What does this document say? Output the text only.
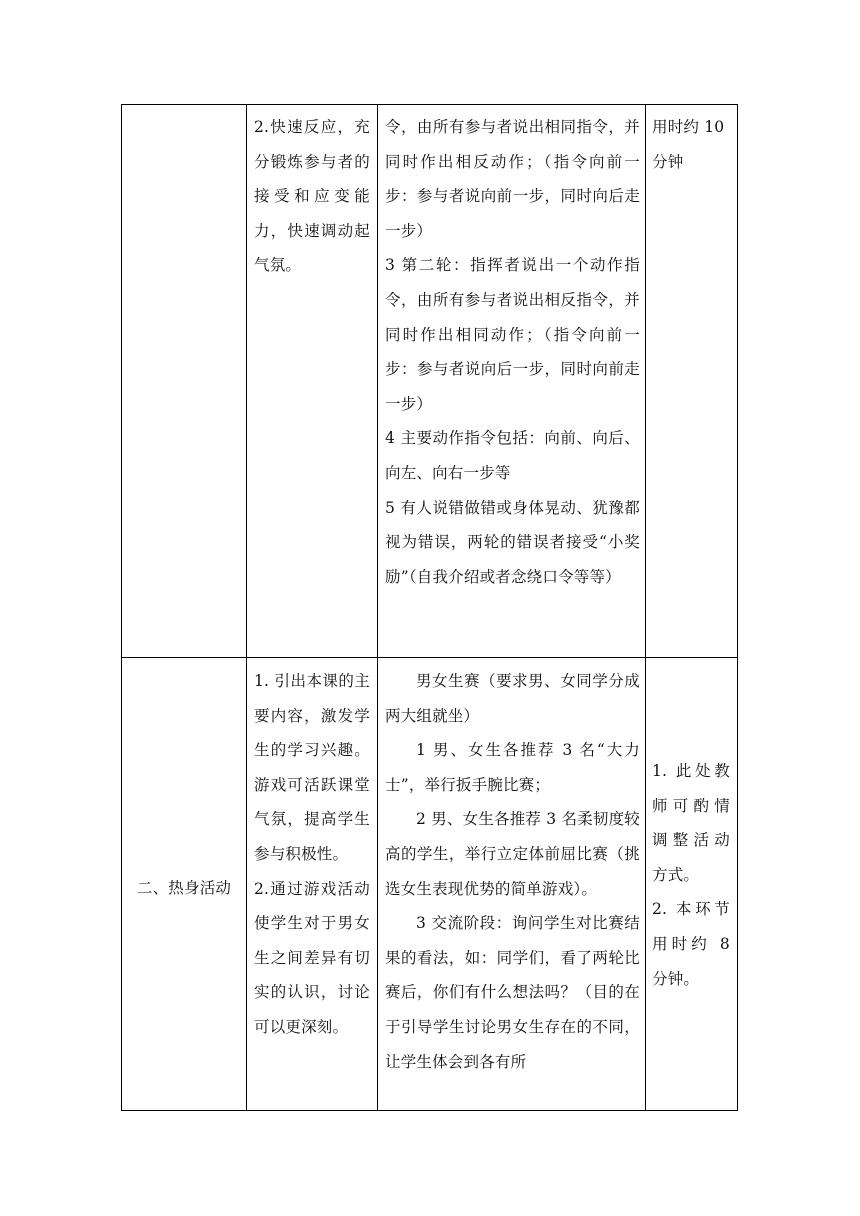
2.快速反应，充分锻炼参与者的接受和应变能力，快速调动起气氛。

令，由所有参与者说出相同指令，并同时作出相反动作；（指令向前一步：参与者说向前一步，同时向后走一步）

3 第二轮：指挥者说出一个动作指令，由所有参与者说出相反指令，并同时作出相同动作；（指令向前一步：参与者说向后一步，同时向前走一步）

4 主要动作指令包括：向前、向后、向左、向右一步等

5 有人说错做错或身体晃动、犹豫都视为错误，两轮的错误者接受“小奖励”（自我介绍或者念绕口令等等）

用时约 10 分钟

二、热身活动

1. 引出本课的主要内容，激发学生的学习兴趣。游戏可活跃课堂气氛，提高学生参与积极性。

2.通过游戏活动使学生对于男女生之间差异有切实的认识，讨论可以更深刻。

男女生赛（要求男、女同学分成两大组就坐）

1 男、女生各推荐 3 名“大力士”，举行扳手腕比赛；

2 男、女生各推荐 3 名柔韧度较高的学生，举行立定体前屈比赛（挑选女生表现优势的简单游戏）。

3 交流阶段：询问学生对比赛结果的看法，如：同学们，看了两轮比赛后，你们有什么想法吗？（目的在于引导学生讨论男女生存在的不同，让学生体会到各有所

1. 此处教师可酌情调整活动方式。

2. 本环节用时约 8 分钟。
